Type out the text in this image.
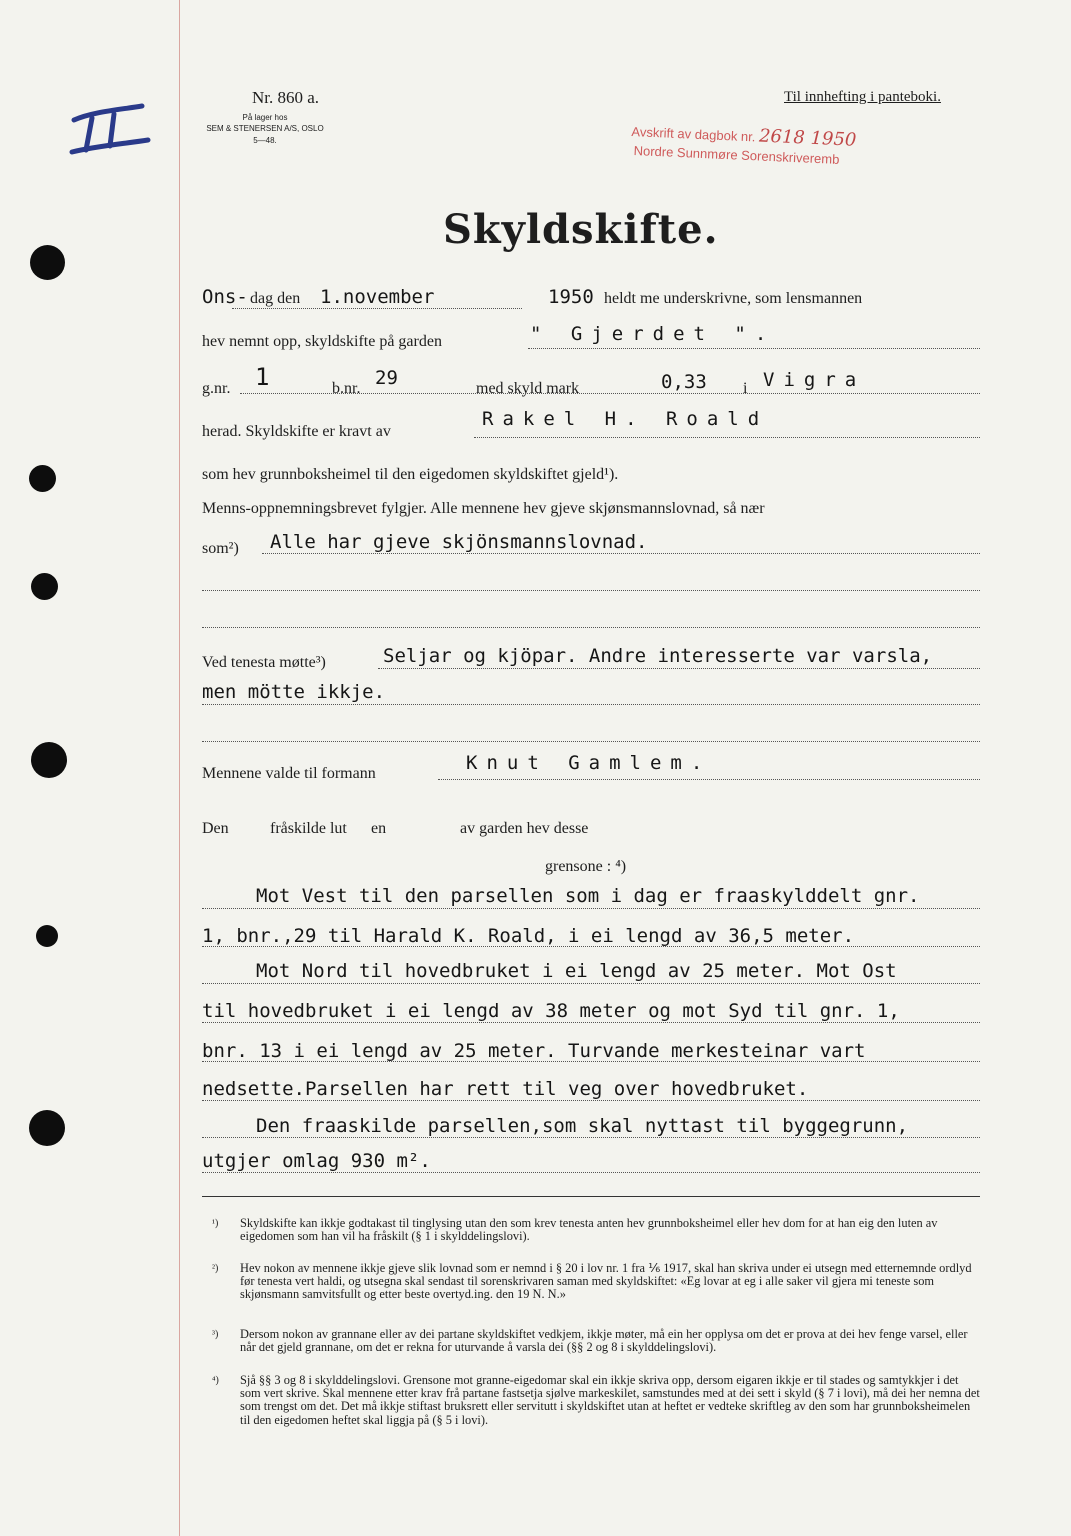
Nr. 860 a.
På lager hos
SEM & STENERSEN A/S, OSLO
5—48.
Til innhefting i panteboki.
Avskrift av dagbok nr. 2618 1950
Nordre Sunnmøre Sorenskriveremb
Skyldskifte.
Ons- dag den 1.november	1950 heldt me underskrivne, som lensmannen
hev nemnt opp, skyldskifte på garden	" Gjerdet ".
g.nr. 1	b.nr. 29	med skyld mark	0,33 i Vigra
herad. Skyldskifte er kravt av
Rakel H. Roald
som hev grunnboksheimel til den eigedomen skyldskiftet gjeld¹).
Menns-oppnemningsbrevet fylgjer. Alle mennene hev gjeve skjønsmannslovnad, så nær
som²) Alle har gjeve skjönsmannslovnad.
Ved tenesta møtte³)	Seljar og kjöpar. Andre interesserte var varsla,
men mötte ikkje.
Mennene valde til formann	Knut Gamlem.
Den	fråskilde lut en	av garden hev desse
grensone : ⁴)
Mot Vest til den parsellen som i dag er fraaskylddelt gnr.
1, bnr.,29 til Harald K. Roald, i ei lengd av 36,5 meter.
Mot Nord til hovedbruket i ei lengd av 25 meter. Mot Ost
til hovedbruket i ei lengd av 38 meter og mot Syd til gnr. 1,
bnr. 13 i ei lengd av 25 meter. Turvande merkesteinar vart
nedsette.Parsellen har rett til veg over hovedbruket.
Den fraaskilde parsellen,som skal nyttast til byggegrunn,
utgjer omlag 930 m².
¹) Skyldskifte kan ikkje godtakast til tinglysing utan den som krev tenesta anten hev grunnboksheimel eller hev dom for at han eig den luten av eigedomen som han vil ha fråskilt (§ 1 i skylddelingslovi).
²) Hev nokon av mennene ikkje gjeve slik lovnad som er nemnd i § 20 i lov nr. 1 fra ⅙ 1917, skal han skriva under ei utsegn med etternemnde ordlyd før tenesta vert haldi, og utsegna skal sendast til sorenskrivaren saman med skyldskiftet: «Eg lovar at eg i alle saker vil gjera mi teneste som skjønsmann samvitsfullt og etter beste overtyd.ing. den 19 N. N.»
³) Dersom nokon av grannane eller av dei partane skyldskiftet vedkjem, ikkje møter, må ein her opplysa om det er prova at dei hev fenge varsel, eller når det gjeld grannane, om det er rekna for uturvande å varsla dei (§§ 2 og 8 i skylddelingslovi).
⁴) Sjå §§ 3 og 8 i skylddelingslovi. Grensone mot granne-eigedomar skal ein ikkje skriva opp, dersom eigaren ikkje er til stades og samtykkjer i det som vert skrive. Skal mennene etter krav frå partane fastsetja sjølve markeskilet, samstundes med at dei sett i skyld (§ 7 i lovi), må dei her nemna det som trengst om det. Det må ikkje stiftast bruksrett eller servitutt i skyldskiftet utan at heftet er vedteke skriftleg av den som har grunnboksheimelen til den eigedomen heftet skal liggja på (§ 5 i lovi).
